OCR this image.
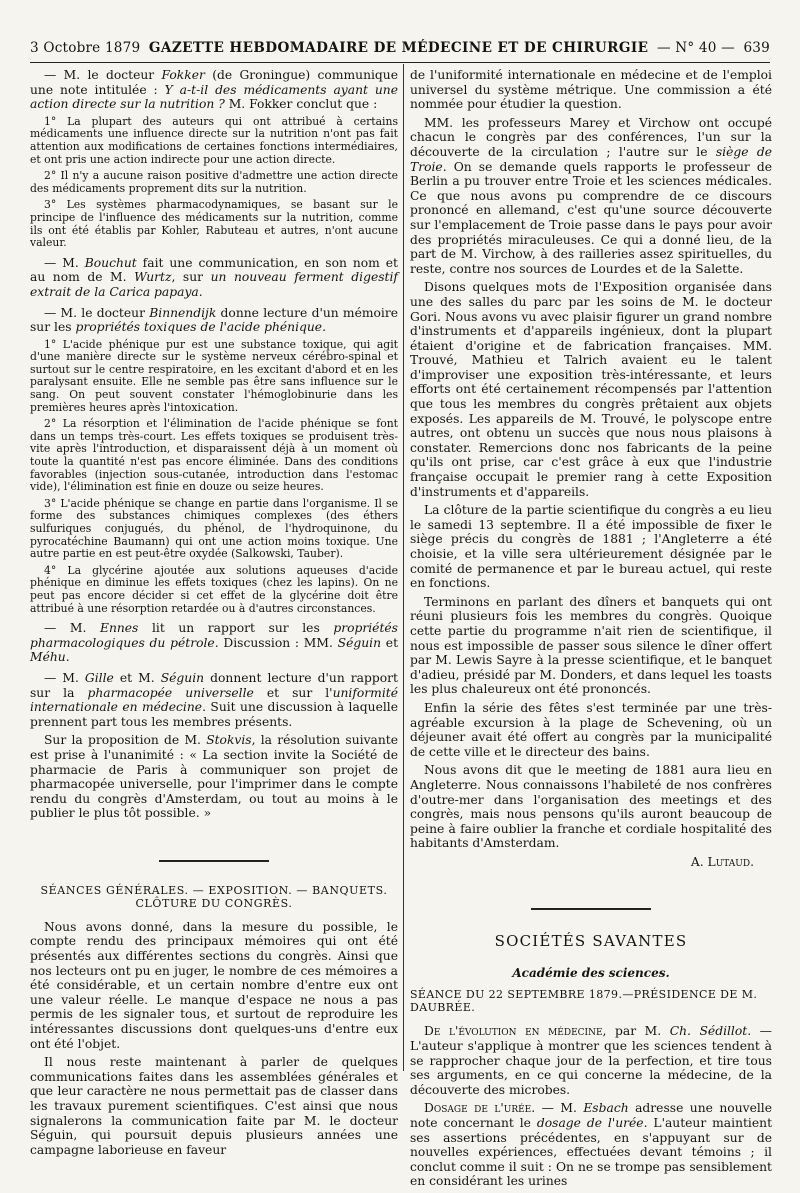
3 Octobre 1879 GAZETTE HEBDOMADAIRE DE MÉDECINE ET DE CHIRURGIE — N° 40 — 639

— M. le docteur Fokker (de Groningue) communique une note intitulée : Y a-t-il des médicaments ayant une action directe sur la nutrition ? M. Fokker conclut que :

1° La plupart des auteurs qui ont attribué à certains médicaments une influence directe sur la nutrition n'ont pas fait attention aux modifications de certaines fonctions intermédiaires, et ont pris une action indirecte pour une action directe.

2° Il n'y a aucune raison positive d'admettre une action directe des médicaments proprement dits sur la nutrition.

3° Les systèmes pharmacodynamiques, se basant sur le principe de l'influence des médicaments sur la nutrition, comme ils ont été établis par Kohler, Rabuteau et autres, n'ont aucune valeur.

— M. Bouchut fait une communication, en son nom et au nom de M. Wurtz, sur un nouveau ferment digestif extrait de la Carica papaya.

— M. le docteur Binnendijk donne lecture d'un mémoire sur les propriétés toxiques de l'acide phénique.

1° L'acide phénique pur est une substance toxique, qui agit d'une manière directe sur le système nerveux cérébro-spinal et surtout sur le centre respiratoire, en les excitant d'abord et en les paralysant ensuite. Elle ne semble pas être sans influence sur le sang. On peut souvent constater l'hémoglobinurie dans les premières heures après l'intoxication.

2° La résorption et l'élimination de l'acide phénique se font dans un temps très-court. Les effets toxiques se produisent très-vite après l'introduction, et disparaissent déjà à un moment où toute la quantité n'est pas encore éliminée. Dans des conditions favorables (injection sous-cutanée, introduction dans l'estomac vide), l'élimination est finie en douze ou seize heures.

3° L'acide phénique se change en partie dans l'organisme. Il se forme des substances chimiques complexes (des éthers sulfuriques conjugués, du phénol, de l'hydroquinone, du pyrocatéchine Baumann) qui ont une action moins toxique. Une autre partie en est peut-être oxydée (Salkowski, Tauber).

4° La glycérine ajoutée aux solutions aqueuses d'acide phénique en diminue les effets toxiques (chez les lapins). On ne peut pas encore décider si cet effet de la glycérine doit être attribué à une résorption retardée ou à d'autres circonstances.

— M. Ennes lit un rapport sur les propriétés pharmacologiques du pétrole. Discussion : MM. Séguin et Méhu.

— M. Gille et M. Séguin donnent lecture d'un rapport sur la pharmacopée universelle et sur l'uniformité internationale en médecine. Suit une discussion à laquelle prennent part tous les membres présents.

Sur la proposition de M. Stokvis, la résolution suivante est prise à l'unanimité : « La section invite la Société de pharmacie de Paris à communiquer son projet de pharmacopée universelle, pour l'imprimer dans le compte rendu du congrès d'Amsterdam, ou tout au moins à le publier le plus tôt possible. »

SÉANCES GÉNÉRALES. — EXPOSITION. — BANQUETS.
CLÔTURE DU CONGRÈS.

Nous avons donné, dans la mesure du possible, le compte rendu des principaux mémoires qui ont été présentés aux différentes sections du congrès. Ainsi que nos lecteurs ont pu en juger, le nombre de ces mémoires a été considérable, et un certain nombre d'entre eux ont une valeur réelle. Le manque d'espace ne nous a pas permis de les signaler tous, et surtout de reproduire les intéressantes discussions dont quelques-uns d'entre eux ont été l'objet.

Il nous reste maintenant à parler de quelques communications faites dans les assemblées générales et que leur caractère ne nous permettait pas de classer dans les travaux purement scientifiques. C'est ainsi que nous signalerons la communication faite par M. le docteur Séguin, qui poursuit depuis plusieurs années une campagne laborieuse en faveur

de l'uniformité internationale en médecine et de l'emploi universel du système métrique. Une commission a été nommée pour étudier la question.

MM. les professeurs Marey et Virchow ont occupé chacun le congrès par des conférences, l'un sur la découverte de la circulation ; l'autre sur le siège de Troie. On se demande quels rapports le professeur de Berlin a pu trouver entre Troie et les sciences médicales. Ce que nous avons pu comprendre de ce discours prononcé en allemand, c'est qu'une source découverte sur l'emplacement de Troie passe dans le pays pour avoir des propriétés miraculeuses. Ce qui a donné lieu, de la part de M. Virchow, à des railleries assez spirituelles, du reste, contre nos sources de Lourdes et de la Salette.

Disons quelques mots de l'Exposition organisée dans une des salles du parc par les soins de M. le docteur Gori. Nous avons vu avec plaisir figurer un grand nombre d'instruments et d'appareils ingénieux, dont la plupart étaient d'origine et de fabrication françaises. MM. Trouvé, Mathieu et Talrich avaient eu le talent d'improviser une exposition très-intéressante, et leurs efforts ont été certainement récompensés par l'attention que tous les membres du congrès prêtaient aux objets exposés. Les appareils de M. Trouvé, le polyscope entre autres, ont obtenu un succès que nous nous plaisons à constater. Remercions donc nos fabricants de la peine qu'ils ont prise, car c'est grâce à eux que l'industrie française occupait le premier rang à cette Exposition d'instruments et d'appareils.

La clôture de la partie scientifique du congrès a eu lieu le samedi 13 septembre. Il a été impossible de fixer le siège précis du congrès de 1881 ; l'Angleterre a été choisie, et la ville sera ultérieurement désignée par le comité de permanence et par le bureau actuel, qui reste en fonctions.

Terminons en parlant des dîners et banquets qui ont réuni plusieurs fois les membres du congrès. Quoique cette partie du programme n'ait rien de scientifique, il nous est impossible de passer sous silence le dîner offert par M. Lewis Sayre à la presse scientifique, et le banquet d'adieu, présidé par M. Donders, et dans lequel les toasts les plus chaleureux ont été prononcés.

Enfin la série des fêtes s'est terminée par une très-agréable excursion à la plage de Schevening, où un déjeuner avait été offert au congrès par la municipalité de cette ville et le directeur des bains.

Nous avons dit que le meeting de 1881 aura lieu en Angleterre. Nous connaissons l'habileté de nos confrères d'outre-mer dans l'organisation des meetings et des congrès, mais nous pensons qu'ils auront beaucoup de peine à faire oublier la franche et cordiale hospitalité des habitants d'Amsterdam.

A. Lutaud.

SOCIÉTÉS SAVANTES
Académie des sciences.
SÉANCE DU 22 SEPTEMBRE 1879.—PRÉSIDENCE DE M. DAUBRÉE.

De l'évolution en médecine, par M. Ch. Sédillot. — L'auteur s'applique à montrer que les sciences tendent à se rapprocher chaque jour de la perfection, et tire tous ses arguments, en ce qui concerne la médecine, de la découverte des microbes.

Dosage de l'urée. — M. Esbach adresse une nouvelle note concernant le dosage de l'urée. L'auteur maintient ses assertions précédentes, en s'appuyant sur de nouvelles expériences, effectuées devant témoins ; il conclut comme il suit : On ne se trompe pas sensiblement en considérant les urines
